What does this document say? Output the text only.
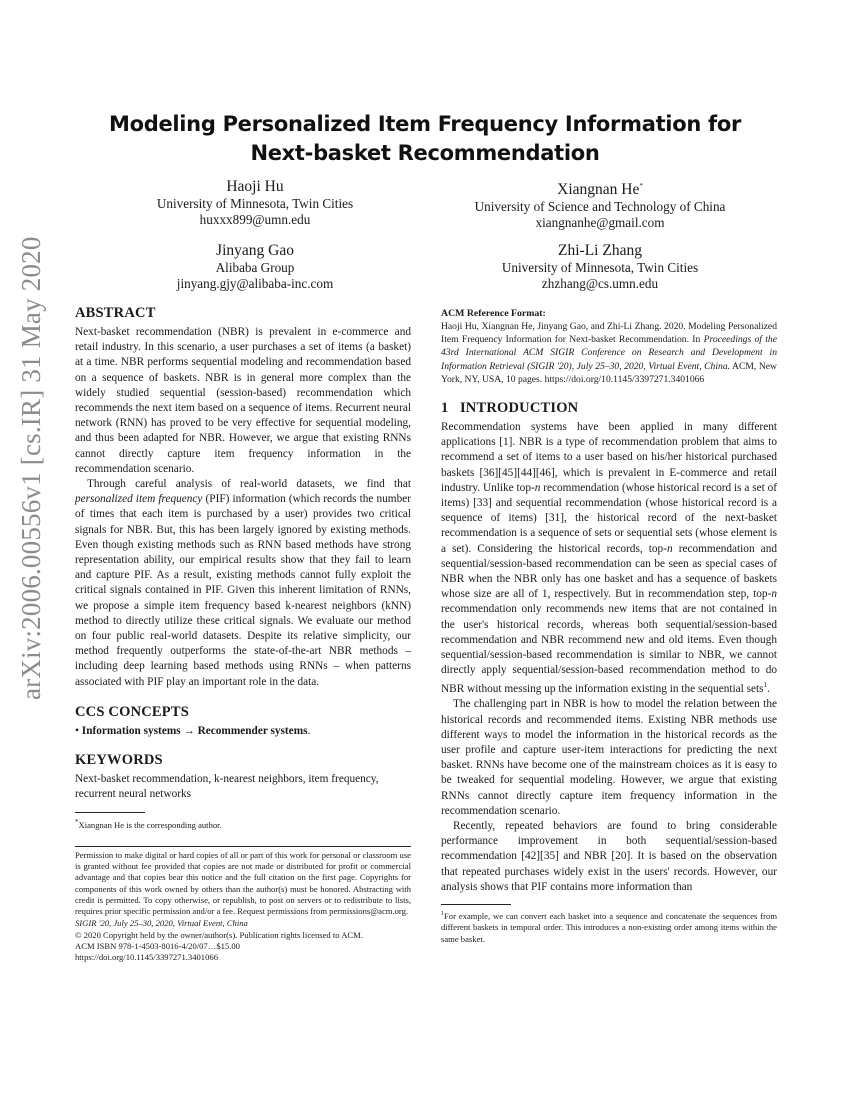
arXiv:2006.00556v1 [cs.IR] 31 May 2020
Modeling Personalized Item Frequency Information for
Next-basket Recommendation
Haoji Hu
University of Minnesota, Twin Cities
huxxx899@umn.edu
Xiangnan He*
University of Science and Technology of China
xiangnanhe@gmail.com
Jinyang Gao
Alibaba Group
jinyang.gjy@alibaba-inc.com
Zhi-Li Zhang
University of Minnesota, Twin Cities
zhzhang@cs.umn.edu
ABSTRACT

Next-basket recommendation (NBR) is prevalent in e-commerce and retail industry. In this scenario, a user purchases a set of items (a basket) at a time. NBR performs sequential modeling and recommendation based on a sequence of baskets. NBR is in general more complex than the widely studied sequential (session-based) recommendation which recommends the next item based on a sequence of items. Recurrent neural network (RNN) has proved to be very effective for sequential modeling, and thus been adapted for NBR. However, we argue that existing RNNs cannot directly capture item frequency information in the recommendation scenario.

Through careful analysis of real-world datasets, we find that personalized item frequency (PIF) information (which records the number of times that each item is purchased by a user) provides two critical signals for NBR. But, this has been largely ignored by existing methods. Even though existing methods such as RNN based methods have strong representation ability, our empirical results show that they fail to learn and capture PIF. As a result, existing methods cannot fully exploit the critical signals contained in PIF. Given this inherent limitation of RNNs, we propose a simple item frequency based k-nearest neighbors (kNN) method to directly utilize these critical signals. We evaluate our method on four public real-world datasets. Despite its relative simplicity, our method frequently outperforms the state-of-the-art NBR methods – including deep learning based methods using RNNs – when patterns associated with PIF play an important role in the data.

CCS CONCEPTS

• Information systems → Recommender systems.

KEYWORDS

Next-basket recommendation, k-nearest neighbors, item frequency, recurrent neural networks

*Xiangnan He is the corresponding author.

Permission to make digital or hard copies of all or part of this work for personal or classroom use is granted without fee provided that copies are not made or distributed for profit or commercial advantage and that copies bear this notice and the full citation on the first page. Copyrights for components of this work owned by others than the author(s) must be honored. Abstracting with credit is permitted. To copy otherwise, or republish, to post on servers or to redistribute to lists, requires prior specific permission and/or a fee. Request permissions from permissions@acm.org.

SIGIR '20, July 25–30, 2020, Virtual Event, China

© 2020 Copyright held by the owner/author(s). Publication rights licensed to ACM.

ACM ISBN 978-1-4503-8016-4/20/07…$15.00

https://doi.org/10.1145/3397271.3401066

ACM Reference Format:

Haoji Hu, Xiangnan He, Jinyang Gao, and Zhi-Li Zhang. 2020. Modeling Personalized Item Frequency Information for Next-basket Recommendation. In Proceedings of the 43rd International ACM SIGIR Conference on Research and Development in Information Retrieval (SIGIR '20), July 25–30, 2020, Virtual Event, China. ACM, New York, NY, USA, 10 pages. https://doi.org/10.1145/3397271.3401066

1 INTRODUCTION

Recommendation systems have been applied in many different applications [1]. NBR is a type of recommendation problem that aims to recommend a set of items to a user based on his/her historical purchased baskets [36][45][44][46], which is prevalent in E-commerce and retail industry. Unlike top-n recommendation (whose historical record is a set of items) [33] and sequential recommendation (whose historical record is a sequence of items) [31], the historical record of the next-basket recommendation is a sequence of sets or sequential sets (whose element is a set). Considering the historical records, top-n recommendation and sequential/session-based recommendation can be seen as special cases of NBR when the NBR only has one basket and has a sequence of baskets whose size are all of 1, respectively. But in recommendation step, top-n recommendation only recommends new items that are not contained in the user's historical records, whereas both sequential/session-based recommendation and NBR recommend new and old items. Even though sequential/session-based recommendation is similar to NBR, we cannot directly apply sequential/session-based recommendation method to do NBR without messing up the information existing in the sequential sets$^1$.

The challenging part in NBR is how to model the relation between the historical records and recommended items. Existing NBR methods use different ways to model the information in the historical records as the user profile and capture user-item interactions for predicting the next basket. RNNs have become one of the mainstream choices as it is easy to be tweaked for sequential modeling. However, we argue that existing RNNs cannot directly capture item frequency information in the recommendation scenario.

Recently, repeated behaviors are found to bring considerable performance improvement in both sequential/session-based recommendation [42][35] and NBR [20]. It is based on the observation that repeated purchases widely exist in the users' records. However, our analysis shows that PIF contains more information than

$^1$For example, we can convert each basket into a sequence and concatenate the sequences from different baskets in temporal order. This introduces a non-existing order among items within the same basket.
